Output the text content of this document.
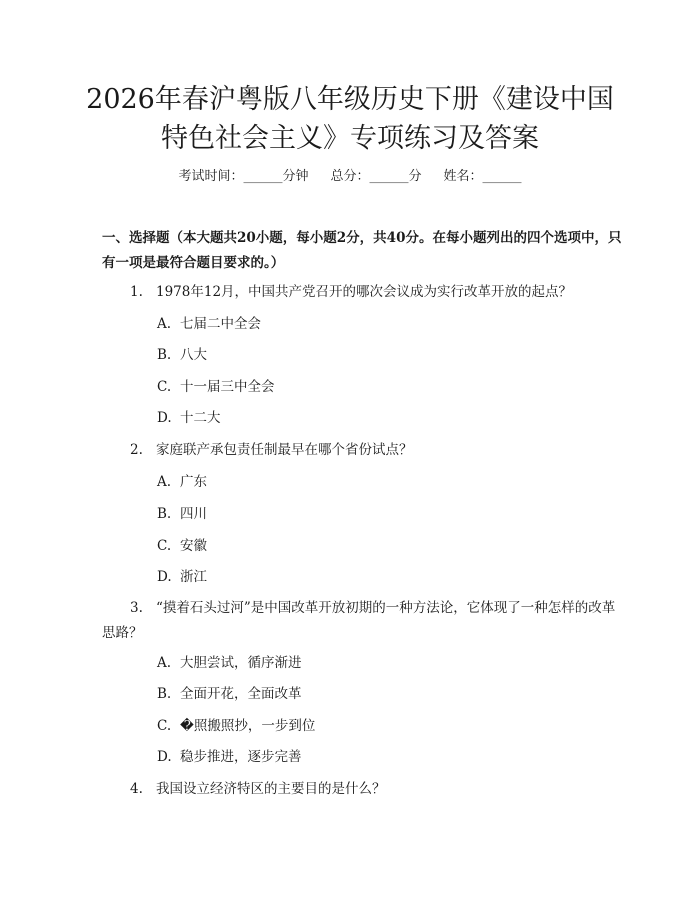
2026年春沪粤版八年级历史下册《建设中国
特色社会主义》专项练习及答案
考试时间：______分钟 总分：______分 姓名：______

一、选择题（本大题共20小题，每小题2分，共40分。在每小题列出的四个选项中，只有一项是最符合题目要求的。）

1. 1978年12月，中国共产党召开的哪次会议成为实行改革开放的起点？
A. 七届二中全会
B. 八大
C. 十一届三中全会
D. 十二大
2. 家庭联产承包责任制最早在哪个省份试点？
A. 广东
B. 四川
C. 安徽
D. 浙江
3. “摸着石头过河”是中国改革开放初期的一种方法论，它体现了一种怎样的改革思路？
A. 大胆尝试，循序渐进
B. 全面开花，全面改革
C. �照搬照抄，一步到位
D. 稳步推进，逐步完善
4. 我国设立经济特区的主要目的是什么？
